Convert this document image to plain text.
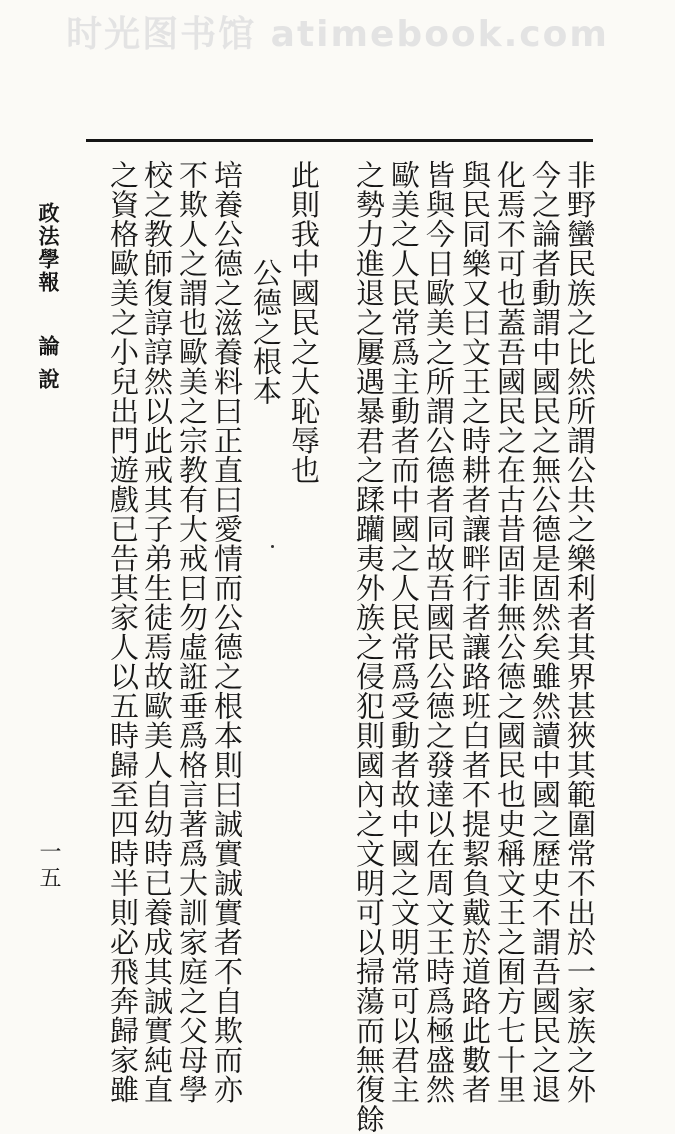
时光图书馆 atimebook.com
非野蠻民族之比然所謂公共之樂利者其界甚狹其範圍常不出於一家族之外
今之論者動謂中國民之無公德是固然矣雖然讀中國之歷史不謂吾國民之退
化焉不可也蓋吾國民之在古昔固非無公德之國民也史稱文王之囿方七十里
與民同樂又曰文王之時耕者讓畔行者讓路班白者不提絜負戴於道路此數者
皆與今日歐美之所謂公德者同故吾國民公德之發達以在周文王時爲極盛然
歐美之人民常爲主動者而中國之人民常爲受動者故中國之文明常可以君主
之勢力進退之屢遇暴君之蹂躪夷外族之侵犯則國內之文明可以掃蕩而無復餘
此則我中國民之大恥辱也
公德之根本
培養公德之滋養料曰正直曰愛情而公德之根本則曰誠實誠實者不自欺而亦
不欺人之謂也歐美之宗教有大戒曰勿虛誑垂爲格言著爲大訓家庭之父母學
校之教師復諄諄然以此戒其子弟生徒焉故歐美人自幼時已養成其誠實純直
之資格歐美之小兒出門遊戲已告其家人以五時歸至四時半則必飛奔歸家雖
政法學報
論說
一五
